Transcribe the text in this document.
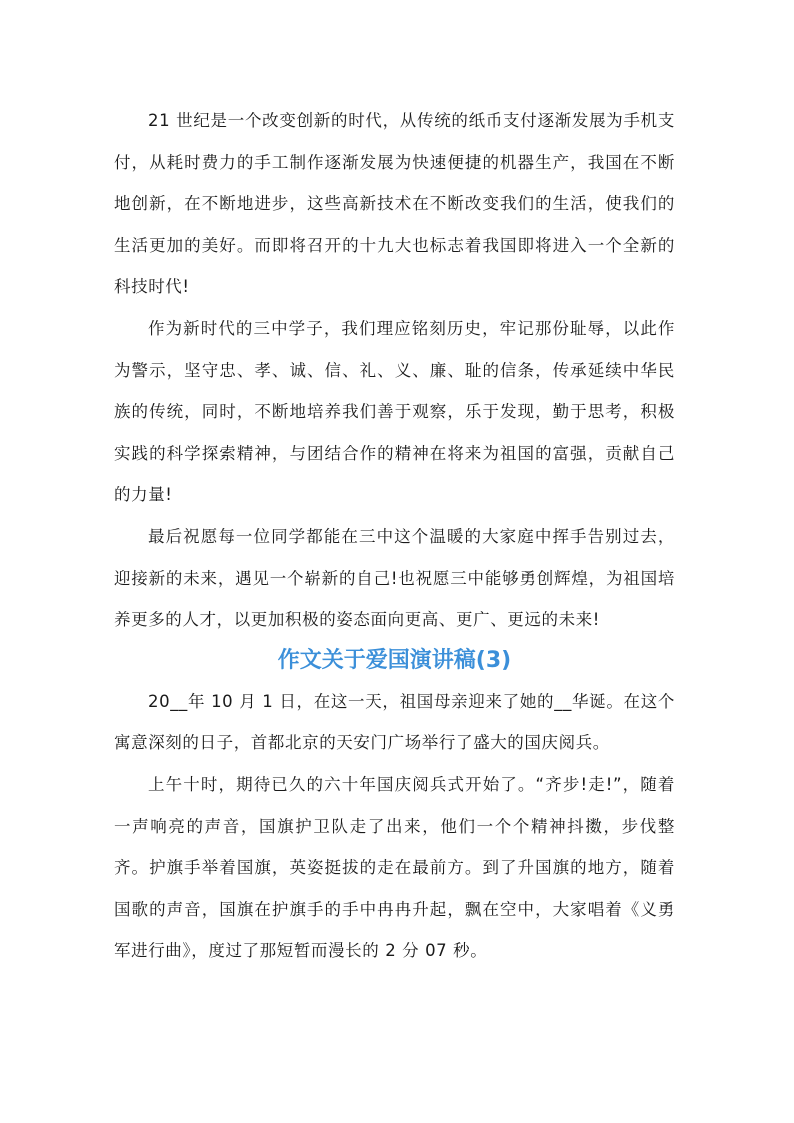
21 世纪是一个改变创新的时代，从传统的纸币支付逐渐发展为手机支付，从耗时费力的手工制作逐渐发展为快速便捷的机器生产，我国在不断地创新，在不断地进步，这些高新技术在不断改变我们的生活，使我们的生活更加的美好。而即将召开的十九大也标志着我国即将进入一个全新的科技时代!

作为新时代的三中学子，我们理应铭刻历史，牢记那份耻辱，以此作为警示，坚守忠、孝、诚、信、礼、义、廉、耻的信条，传承延续中华民族的传统，同时，不断地培养我们善于观察，乐于发现，勤于思考，积极实践的科学探索精神，与团结合作的精神在将来为祖国的富强，贡献自己的力量!

最后祝愿每一位同学都能在三中这个温暖的大家庭中挥手告别过去，迎接新的未来，遇见一个崭新的自己!也祝愿三中能够勇创辉煌，为祖国培养更多的人才，以更加积极的姿态面向更高、更广、更远的未来!

作文关于爱国演讲稿(3)

20__年 10 月 1 日，在这一天，祖国母亲迎来了她的__华诞。在这个寓意深刻的日子，首都北京的天安门广场举行了盛大的国庆阅兵。

上午十时，期待已久的六十年国庆阅兵式开始了。“齐步!走!”，随着一声响亮的声音，国旗护卫队走了出来，他们一个个精神抖擞，步伐整齐。护旗手举着国旗，英姿挺拔的走在最前方。到了升国旗的地方，随着国歌的声音，国旗在护旗手的手中冉冉升起，飘在空中，大家唱着《义勇军进行曲》，度过了那短暂而漫长的 2 分 07 秒。
